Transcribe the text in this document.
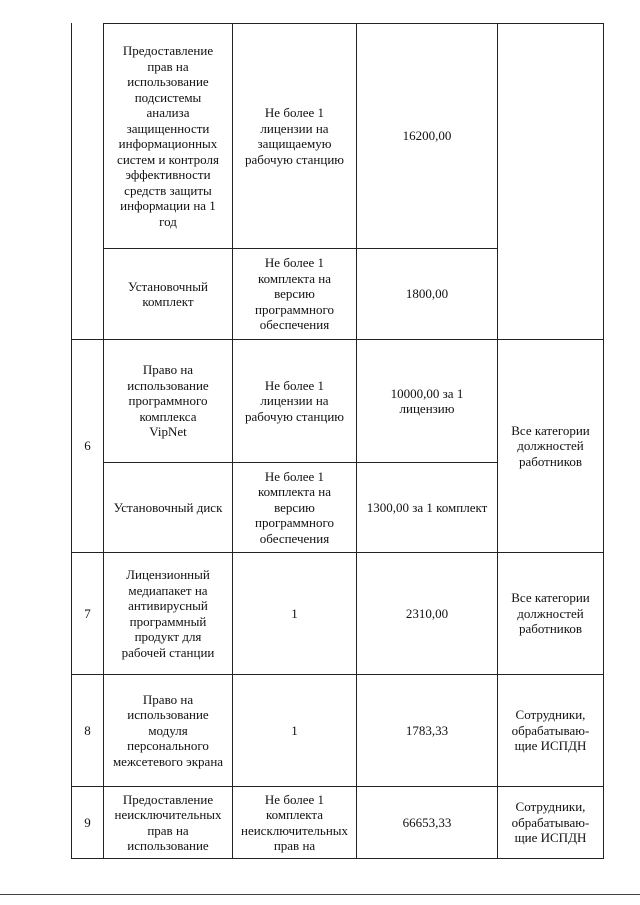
Предоставление
прав на
использование
подсистемы
анализа
защищенности
информационных
систем и контроля
эффективности
средств защиты
информации на 1
год
Не более 1
лицензии на
защищаемую
рабочую станцию
16200,00
Установочный
комплект
Не более 1
комплекта на
версию
программного
обеспечения
1800,00
6
Право на
использование
программного
комплекса
VipNet
Не более 1
лицензии на
рабочую станцию
10000,00 за 1
лицензию
Установочный диск
Не более 1
комплекта на
версию
программного
обеспечения
1300,00 за 1 комплект
Все категории
должностей
работников
7
Лицензионный
медиапакет на
антивирусный
программный
продукт для
рабочей станции
1	2310,00
Все категории
должностей
работников
8
Право на
использование
модуля
персонального
межсетевого экрана
1	1783,33
Сотрудники,
обрабатываю-
щие ИСПДН
9
Предоставление
неисключительных
прав на
использование
Не более 1
комплекта
неисключительных
прав на
66653,33
Сотрудники,
обрабатываю-
щие ИСПДН
